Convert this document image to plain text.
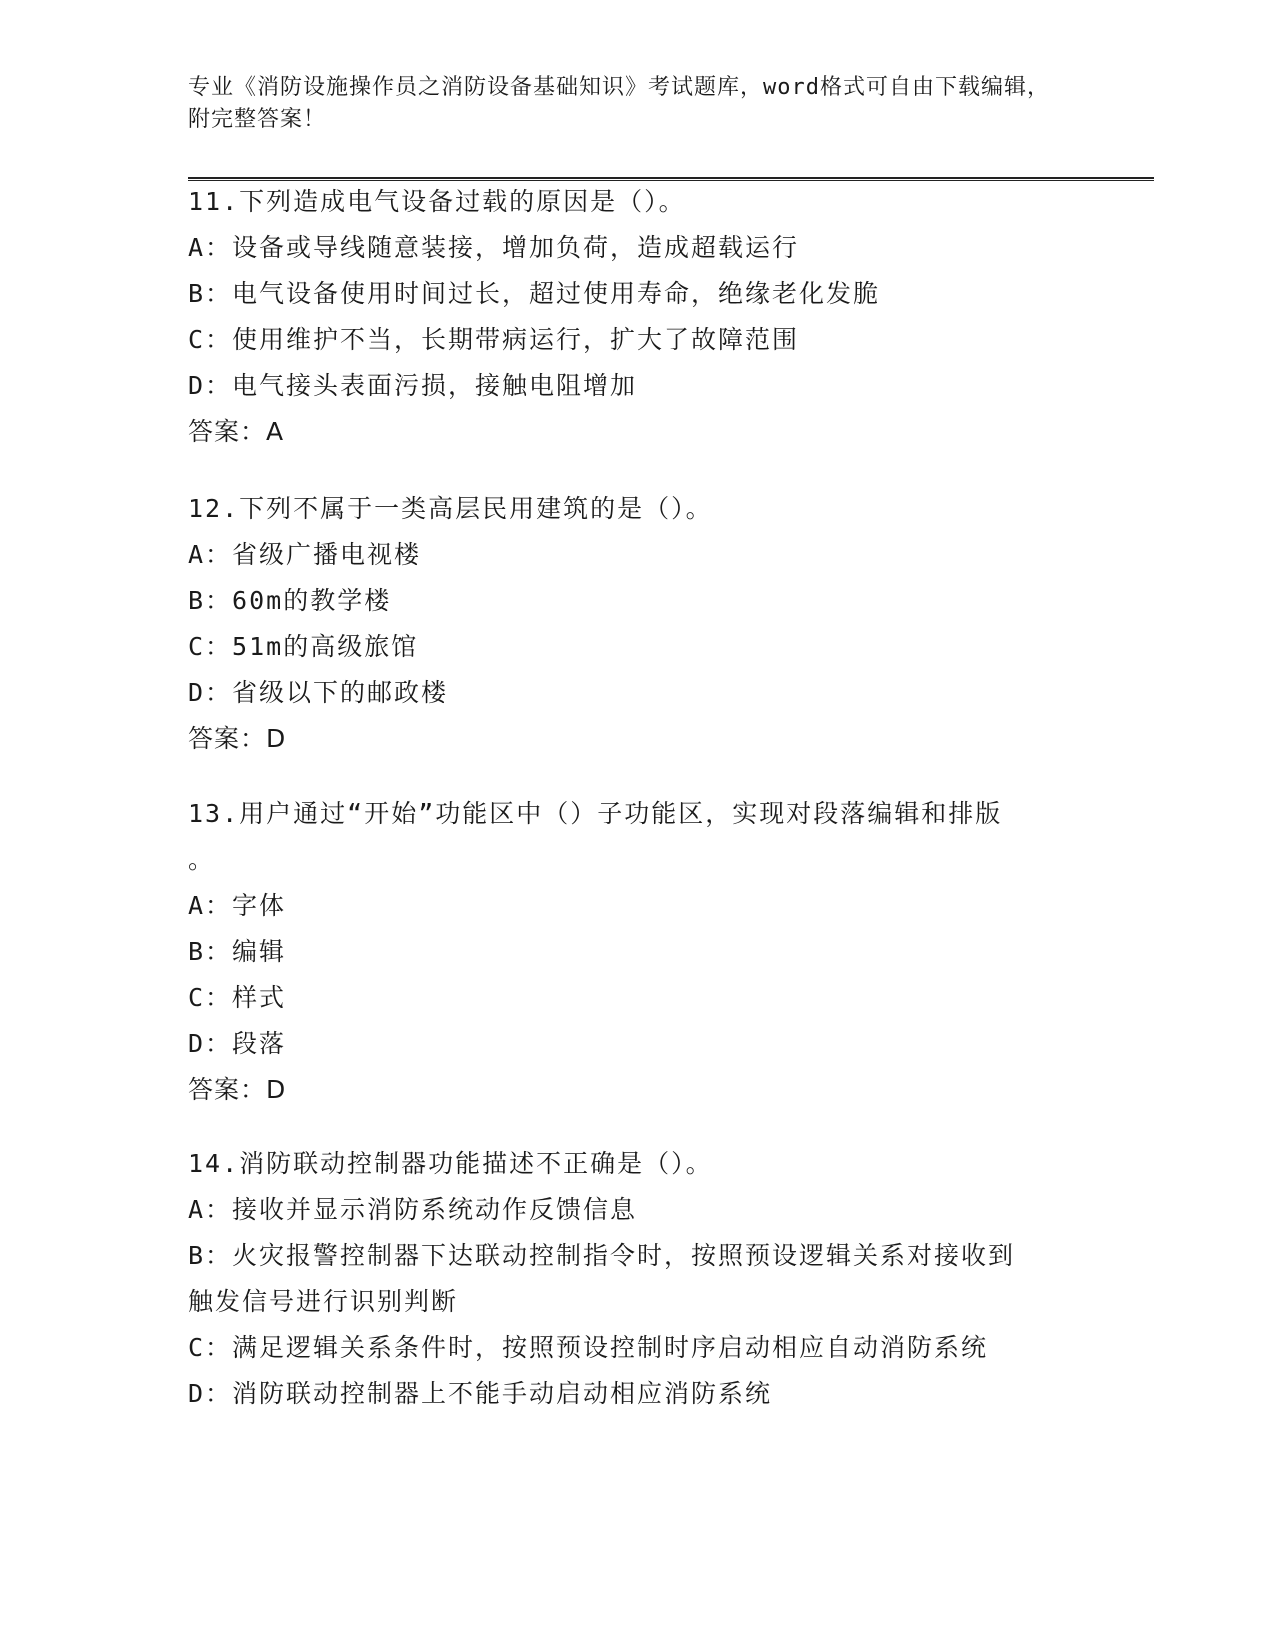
专业《消防设施操作员之消防设备基础知识》考试题库，word格式可自由下载编辑，附完整答案！
11.下列造成电气设备过载的原因是（）。
A：设备或导线随意装接，增加负荷，造成超载运行
B：电气设备使用时间过长，超过使用寿命，绝缘老化发脆
C：使用维护不当，长期带病运行，扩大了故障范围
D：电气接头表面污损，接触电阻增加
答案：A
12.下列不属于一类高层民用建筑的是（）。
A：省级广播电视楼
B：60m的教学楼
C：51m的高级旅馆
D：省级以下的邮政楼
答案：D
13.用户通过“开始”功能区中（）子功能区，实现对段落编辑和排版
。
A：字体
B：编辑
C：样式
D：段落
答案：D
14.消防联动控制器功能描述不正确是（）。
A：接收并显示消防系统动作反馈信息
B：火灾报警控制器下达联动控制指令时，按照预设逻辑关系对接收到
触发信号进行识别判断
C：满足逻辑关系条件时，按照预设控制时序启动相应自动消防系统
D：消防联动控制器上不能手动启动相应消防系统
